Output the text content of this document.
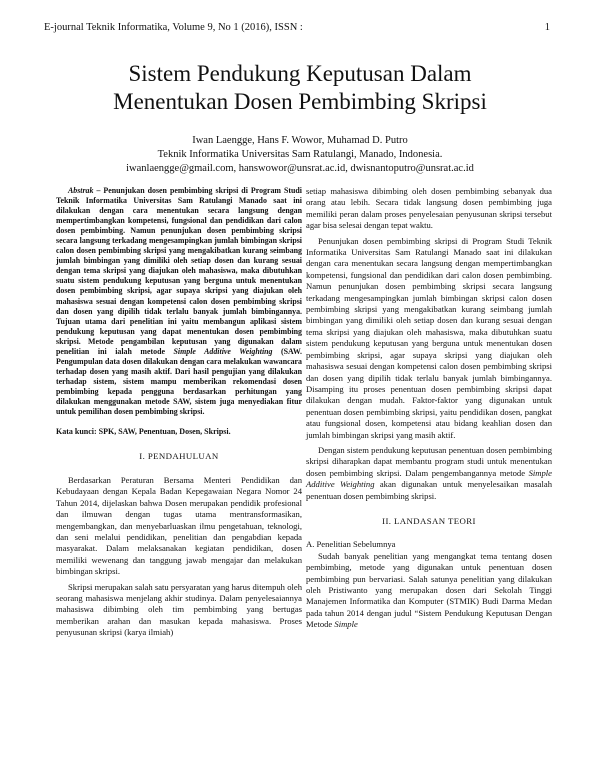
E-journal Teknik Informatika, Volume 9, No 1 (2016), ISSN :	1
Sistem Pendukung Keputusan Dalam
Menentukan Dosen Pembimbing Skripsi
Iwan Laengge, Hans F. Wowor, Muhamad D. Putro
Teknik Informatika Universitas Sam Ratulangi, Manado, Indonesia.
iwanlaengge@gmail.com, hanswowor@unsrat.ac.id, dwisnantoputro@unsrat.ac.id

Abstrak – Penunjukan dosen pembimbing skripsi di Program Studi Teknik Informatika Universitas Sam Ratulangi Manado saat ini dilakukan dengan cara menentukan secara langsung dengan mempertimbangkan kompetensi, fungsional dan pendidikan dari calon dosen pembimbing. Namun penunjukan dosen pembimbing skripsi secara langsung terkadang mengesampingkan jumlah bimbingan skripsi calon dosen pembimbing skripsi yang mengakibatkan kurang seimbang jumlah bimbingan yang dimiliki oleh setiap dosen dan kurang sesuai dengan tema skripsi yang diajukan oleh mahasiswa, maka dibutuhkan suatu sistem pendukung keputusan yang berguna untuk menentukan dosen pembimbing skripsi, agar supaya skripsi yang diajukan oleh mahasiswa sesuai dengan kompetensi calon dosen pembimbing skripsi dan dosen yang dipilih tidak terlalu banyak jumlah bimbingannya. Tujuan utama dari penelitian ini yaitu membangun aplikasi sistem pendukung keputusan yang dapat menentukan dosen pembimbing skripsi. Metode pengambilan keputusan yang digunakan dalam penelitian ini ialah metode Simple Additive Weighting (SAW. Pengumpulan data dosen dilakukan dengan cara melakukan wawancara terhadap dosen yang masih aktif. Dari hasil pengujian yang dilakukan terhadap sistem, sistem mampu memberikan rekomendasi dosen pembimbing kepada pengguna berdasarkan perhitungan yang dilakukan menggunakan metode SAW, sistem juga menyediakan fitur untuk pemilihan dosen pembimbing skripsi.

Kata kunci: SPK, SAW, Penentuan, Dosen, Skripsi.

I. PENDAHULUAN

Berdasarkan Peraturan Bersama Menteri Pendidikan dan Kebudayaan dengan Kepala Badan Kepegawaian Negara Nomor 24 Tahun 2014, dijelaskan bahwa Dosen merupakan pendidik profesional dan ilmuwan dengan tugas utama mentransformasikan, mengembangkan, dan menyebarluaskan ilmu pengetahuan, teknologi, dan seni melalui pendidikan, penelitian dan pengabdian kepada masyarakat. Dalam melaksanakan kegiatan pendidikan, dosen memiliki wewenang dan tanggung jawab mengajar dan melakukan bimbingan skripsi.

Skripsi merupakan salah satu persyaratan yang harus ditempuh oleh seorang mahasiswa menjelang akhir studinya. Dalam penyelesaiannya mahasiswa dibimbing oleh tim pembimbing yang bertugas memberikan arahan dan masukan kepada mahasiswa. Proses penyusunan skripsi (karya ilmiah)

setiap mahasiswa dibimbing oleh dosen pembimbing sebanyak dua orang atau lebih. Secara tidak langsung dosen pembimbing juga memiliki peran dalam proses penyelesaian penyusunan skripsi tersebut agar bisa selesai dengan tepat waktu.

Penunjukan dosen pembimbing skripsi di Program Studi Teknik Informatika Universitas Sam Ratulangi Manado saat ini dilakukan dengan cara menentukan secara langsung dengan mempertimbangkan kompetensi, fungsional dan pendidikan dari calon dosen pembimbing. Namun penunjukan dosen pembimbing skripsi secara langsung terkadang mengesampingkan jumlah bimbingan skripsi calon dosen pembimbing skripsi yang mengakibatkan kurang seimbang jumlah bimbingan yang dimiliki oleh setiap dosen dan kurang sesuai dengan tema skripsi yang diajukan oleh mahasiswa, maka dibutuhkan suatu sistem pendukung keputusan yang berguna untuk menentukan dosen pembimbing skripsi, agar supaya skripsi yang diajukan oleh mahasiswa sesuai dengan kompetensi calon dosen pembimbing skripsi dan dosen yang dipilih tidak terlalu banyak jumlah bimbingannya. Disamping itu proses penentuan dosen pembimbing skripsi dapat dilakukan dengan mudah. Faktor-faktor yang digunakan untuk penentuan dosen pembimbing skripsi, yaitu pendidikan dosen, pangkat atau fungsional dosen, kompetensi atau bidang keahlian dosen dan jumlah bimbingan skripsi yang masih aktif.

Dengan sistem pendukung keputusan penentuan dosen pembimbing skripsi diharapkan dapat membantu program studi untuk menentukan dosen pembimbing skripsi. Dalam pengembangannya metode Simple Additive Weighting akan digunakan untuk menyelesaikan masalah penentuan dosen pembimbing skripsi.

II. LANDASAN TEORI

A. Penelitian Sebelumnya

Sudah banyak penelitian yang mengangkat tema tentang dosen pembimbing, metode yang digunakan untuk penentuan dosen pembimbing pun bervariasi. Salah satunya penelitian yang dilakukan oleh Pristiwanto yang merupakan dosen dari Sekolah Tinggi Manajemen Informatika dan Komputer (STMIK) Budi Darma Medan pada tahun 2014 dengan judul “Sistem Pendukung Keputusan Dengan Metode Simple
